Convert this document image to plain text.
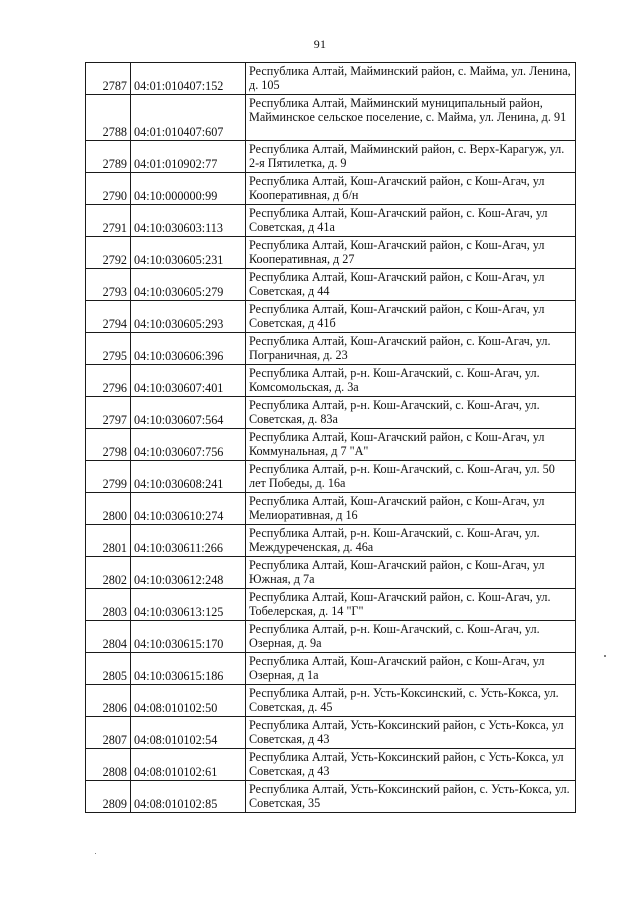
91
2787	04:01:010407:152	Республика Алтай, Майминский район, с. Майма, ул. Ленина, д. 105
2788	04:01:010407:607	Республика Алтай, Майминский муниципальный район, Майминское сельское поселение, с. Майма, ул. Ленина, д. 91
2789	04:01:010902:77	Республика Алтай, Майминский район, с. Верх-Карагуж, ул. 2-я Пятилетка, д. 9
2790	04:10:000000:99	Республика Алтай, Кош-Агачский район, с Кош-Агач, ул Кооперативная, д б/н
2791	04:10:030603:113	Республика Алтай, Кош-Агачский район, с. Кош-Агач, ул Советская, д 41а
2792	04:10:030605:231	Республика Алтай, Кош-Агачский район, с Кош-Агач, ул Кооперативная, д 27
2793	04:10:030605:279	Республика Алтай, Кош-Агачский район, с Кош-Агач, ул Советская, д 44
2794	04:10:030605:293	Республика Алтай, Кош-Агачский район, с Кош-Агач, ул Советская, д 41б
2795	04:10:030606:396	Республика Алтай, Кош-Агачский район, с. Кош-Агач, ул. Пограничная, д. 23
2796	04:10:030607:401	Республика Алтай, р-н. Кош-Агачский, с. Кош-Агач, ул. Комсомольская, д. 3а
2797	04:10:030607:564	Республика Алтай, р-н. Кош-Агачский, с. Кош-Агач, ул. Советская, д. 83а
2798	04:10:030607:756	Республика Алтай, Кош-Агачский район, с Кош-Агач, ул Коммунальная, д 7 "А"
2799	04:10:030608:241	Республика Алтай, р-н. Кош-Агачский, с. Кош-Агач, ул. 50 лет Победы, д. 16а
2800	04:10:030610:274	Республика Алтай, Кош-Агачский район, с Кош-Агач, ул Мелиоративная, д 16
2801	04:10:030611:266	Республика Алтай, р-н. Кош-Агачский, с. Кош-Агач, ул. Междуреченская, д. 46а
2802	04:10:030612:248	Республика Алтай, Кош-Агачский район, с Кош-Агач, ул Южная, д 7а
2803	04:10:030613:125	Республика Алтай, Кош-Агачский район, с. Кош-Агач, ул. Тобелерская, д. 14 "Г"
2804	04:10:030615:170	Республика Алтай, р-н. Кош-Агачский, с. Кош-Агач, ул. Озерная, д. 9а
2805	04:10:030615:186	Республика Алтай, Кош-Агачский район, с Кош-Агач, ул Озерная, д 1а
2806	04:08:010102:50	Республика Алтай, р-н. Усть-Коксинский, с. Усть-Кокса, ул. Советская, д. 45
2807	04:08:010102:54	Республика Алтай, Усть-Коксинский район, с Усть-Кокса, ул Советская, д 43
2808	04:08:010102:61	Республика Алтай, Усть-Коксинский район, с Усть-Кокса, ул Советская, д 43
2809	04:08:010102:85	Республика Алтай, Усть-Коксинский район, с. Усть-Кокса, ул. Советская, 35
